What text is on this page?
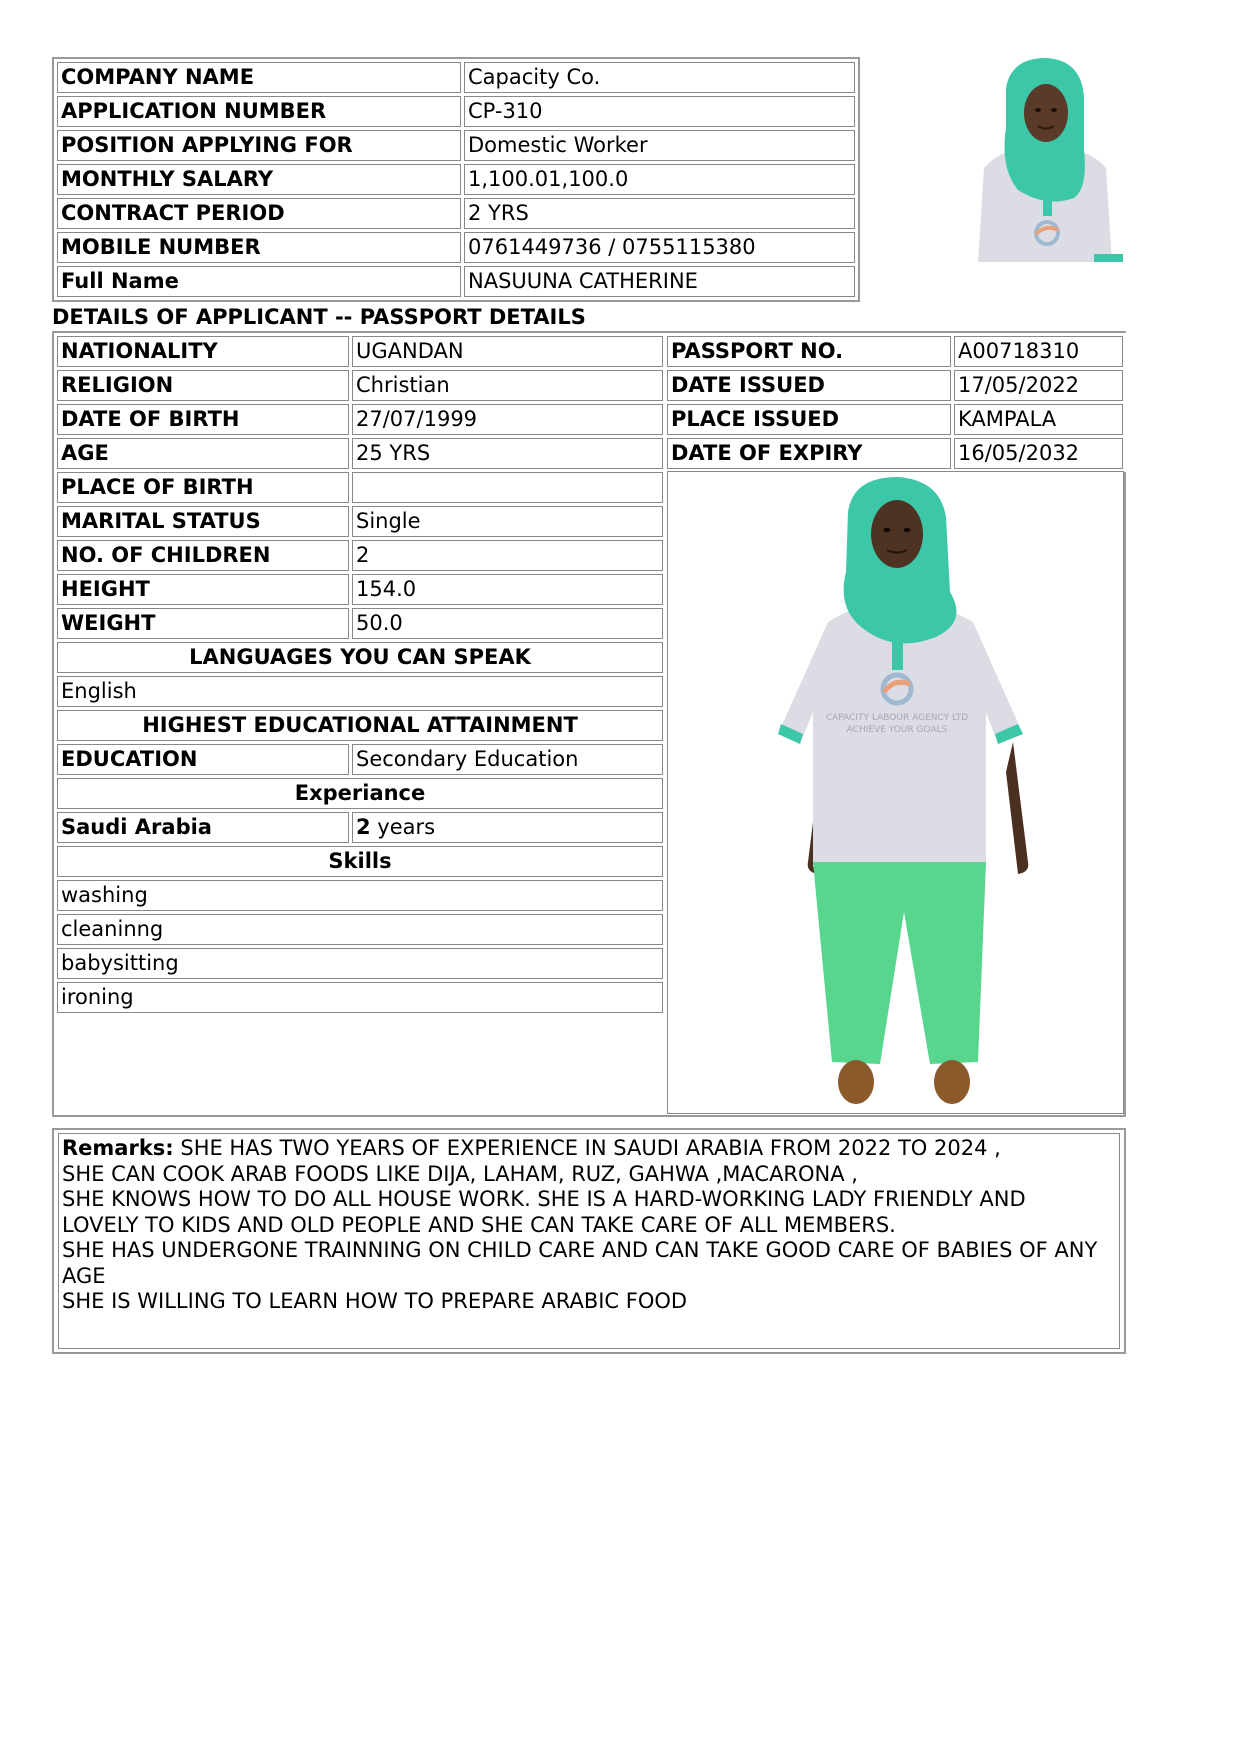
COMPANY NAME	Capacity Co.
APPLICATION NUMBER	CP-310
POSITION APPLYING FOR	Domestic Worker
MONTHLY SALARY	1,100.01,100.0
CONTRACT PERIOD	2 YRS
MOBILE NUMBER	0761449736 / 0755115380
Full Name	NASUUNA CATHERINE
DETAILS OF APPLICANT -- PASSPORT DETAILS
NATIONALITY	UGANDAN
RELIGION	Christian
DATE OF BIRTH	27/07/1999
AGE	25 YRS
PLACE OF BIRTH	
MARITAL STATUS	Single
NO. OF CHILDREN	2
HEIGHT	154.0
WEIGHT	50.0
LANGUAGES YOU CAN SPEAK	
English	
HIGHEST EDUCATIONAL ATTAINMENT	
EDUCATION	Secondary Education
Experiance	
Saudi Arabia	2 years
Skills	
washing	
cleaninng	
babysitting	
ironing	
PASSPORT NO.	A00718310
DATE ISSUED	17/05/2022
PLACE ISSUED	KAMPALA
DATE OF EXPIRY	16/05/2032
CAPACITY LABOUR AGENCY LTD
ACHIEVE YOUR GOALS
Remarks: SHE HAS TWO YEARS OF EXPERIENCE IN SAUDI ARABIA FROM 2022 TO 2024 ,
SHE CAN COOK ARAB FOODS LIKE DIJA, LAHAM, RUZ, GAHWA ,MACARONA ,
SHE KNOWS HOW TO DO ALL HOUSE WORK. SHE IS A HARD-WORKING LADY FRIENDLY AND
LOVELY TO KIDS AND OLD PEOPLE AND SHE CAN TAKE CARE OF ALL MEMBERS.
SHE HAS UNDERGONE TRAINNING ON CHILD CARE AND CAN TAKE GOOD CARE OF BABIES OF ANY
AGE
SHE IS WILLING TO LEARN HOW TO PREPARE ARABIC FOOD
